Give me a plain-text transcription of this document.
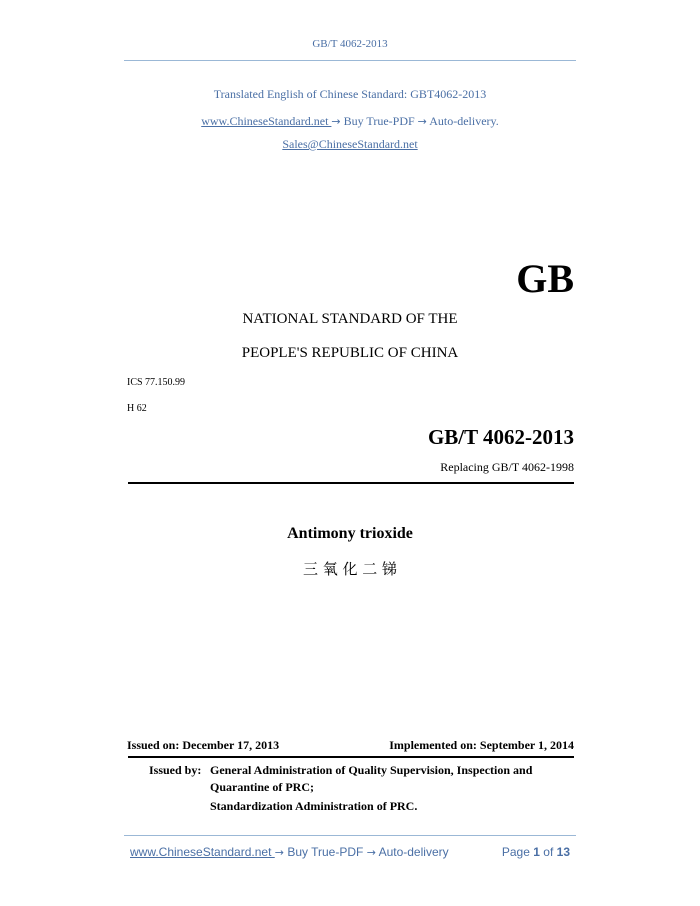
GB/T 4062-2013
Translated English of Chinese Standard: GBT4062-2013
www.ChineseStandard.net → Buy True-PDF → Auto-delivery.
Sales@ChineseStandard.net
GB
NATIONAL STANDARD OF THE
PEOPLE'S REPUBLIC OF CHINA
ICS 77.150.99
H 62
GB/T 4062-2013
Replacing GB/T 4062-1998
Antimony trioxide
三 氧 化 二 锑
Issued on: December 17, 2013	Implemented on: September 1, 2014
Issued by: General Administration of Quality Supervision, Inspection and
Quarantine of PRC;
Standardization Administration of PRC.
www.ChineseStandard.net → Buy True-PDF → Auto-delivery	Page 1 of 13
